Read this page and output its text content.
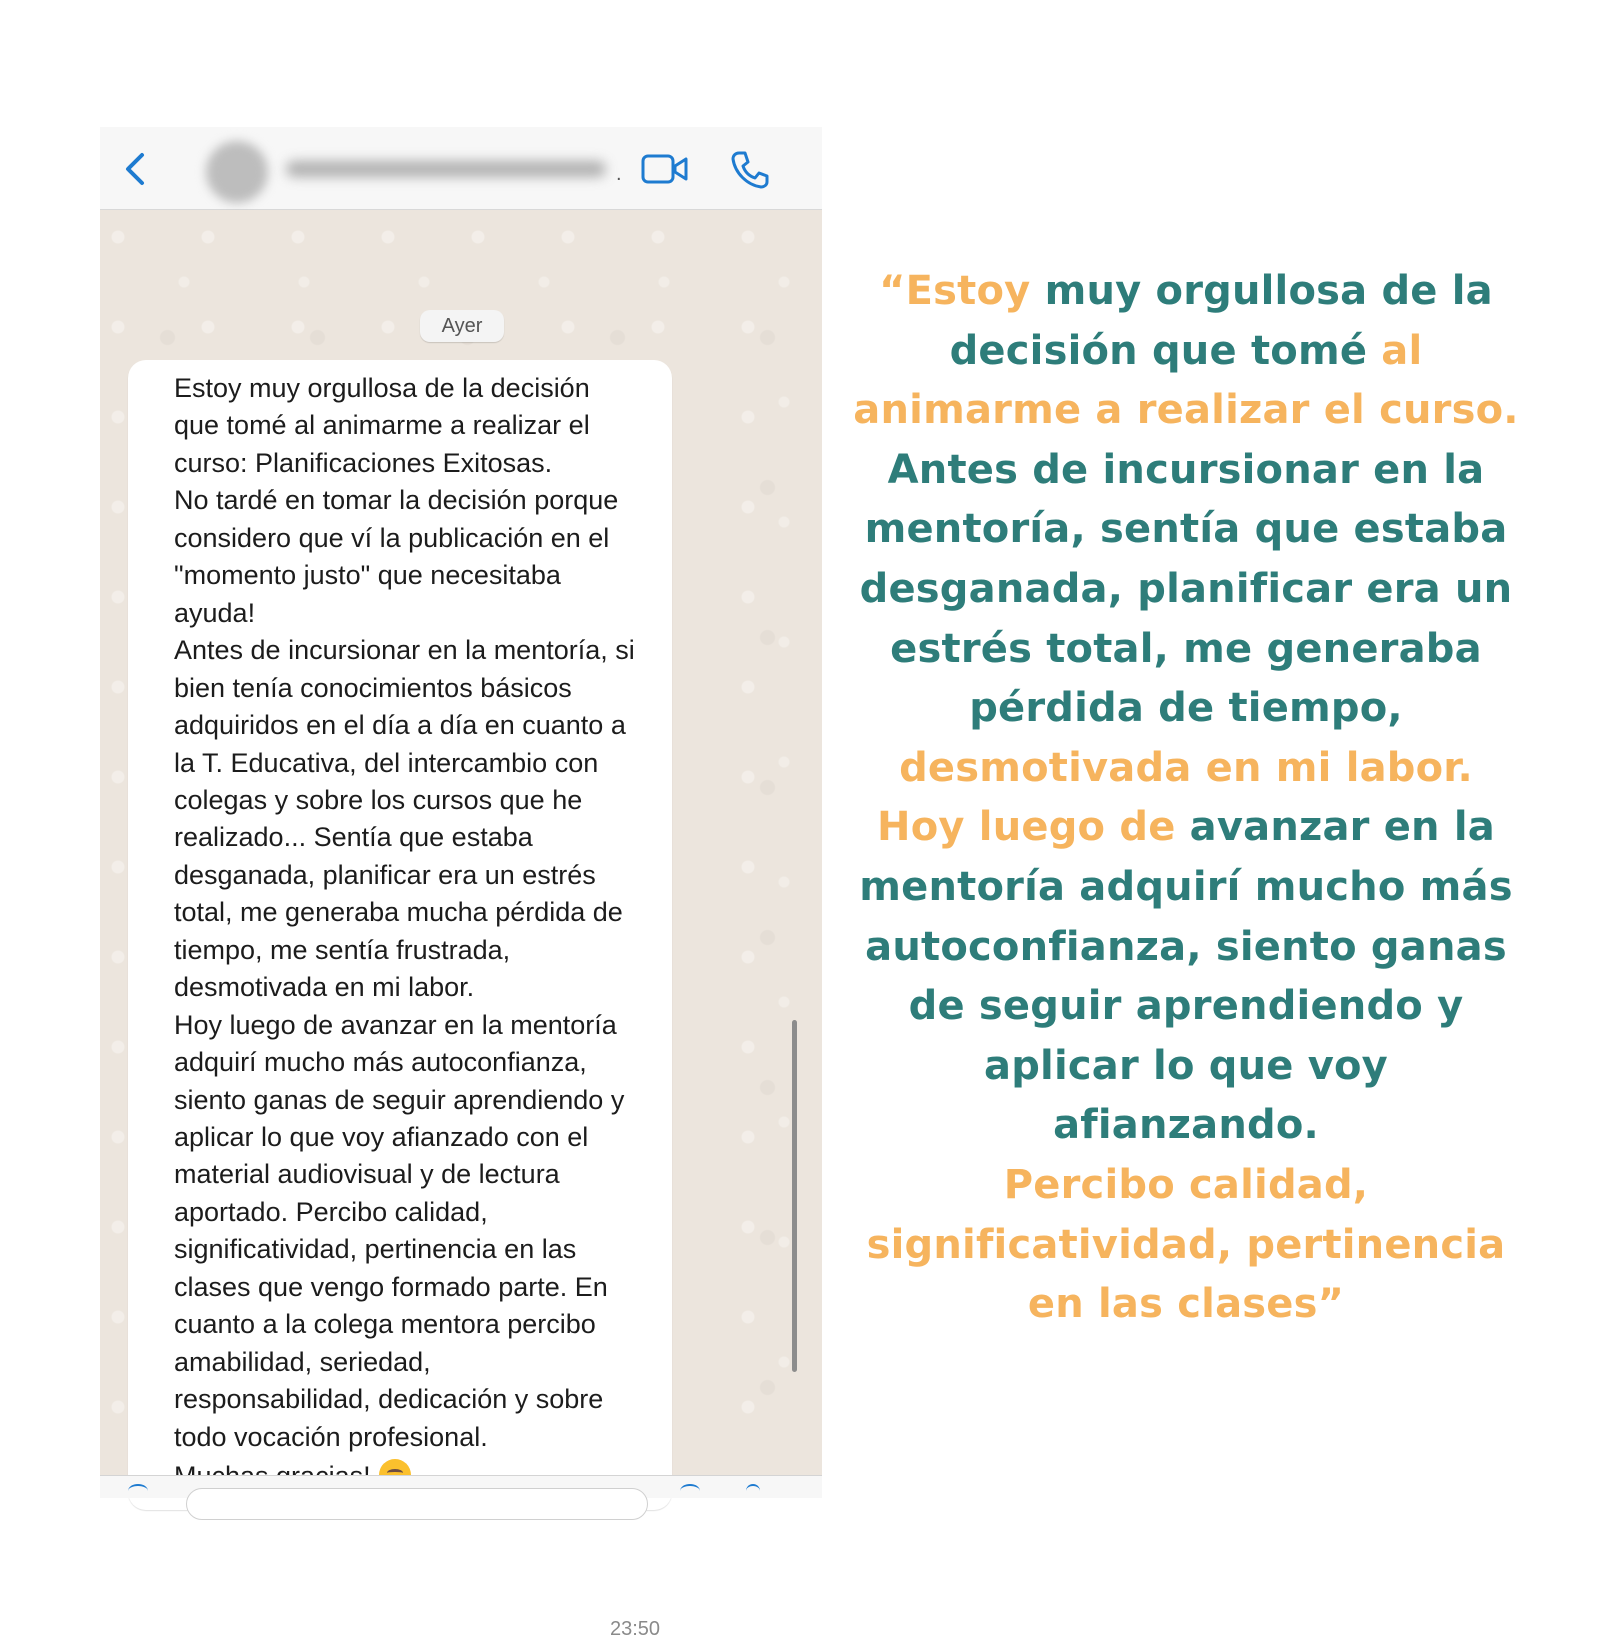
.
Ayer
Estoy muy orgullosa de la decisión
que tomé al animarme a realizar el
curso: Planificaciones Exitosas.
No tardé en tomar la decisión porque
considero que ví la publicación en el
"momento justo" que necesitaba
ayuda!
Antes de incursionar en la mentoría, si
bien tenía conocimientos básicos
adquiridos en el día a día en cuanto a
la T. Educativa, del intercambio con
colegas y sobre los cursos que he
realizado... Sentía que estaba
desganada, planificar era un estrés
total, me generaba mucha pérdida de
tiempo, me sentía frustrada,
desmotivada en mi labor.
Hoy luego de avanzar en la mentoría
adquirí mucho más autoconfianza,
siento ganas de seguir aprendiendo y
aplicar lo que voy afianzado con el
material audiovisual y de lectura
aportado. Percibo calidad,
significatividad, pertinencia en las
clases que vengo formado parte. En
cuanto a la colega mentora percibo
amabilidad, seriedad,
responsabilidad, dedicación y sobre
todo vocación profesional.
23:50
“Estoy muy orgullosa de la
decisión que tomé al
animarme a realizar el curso.
Antes de incursionar en la
mentoría, sentía que estaba
desganada, planificar era un
estrés total, me generaba
pérdida de tiempo,
desmotivada en mi labor.
Hoy luego de avanzar en la
mentoría adquirí mucho más
autoconfianza, siento ganas
de seguir aprendiendo y
aplicar lo que voy
afianzando.
Percibo calidad,
significatividad, pertinencia
en las clases”
